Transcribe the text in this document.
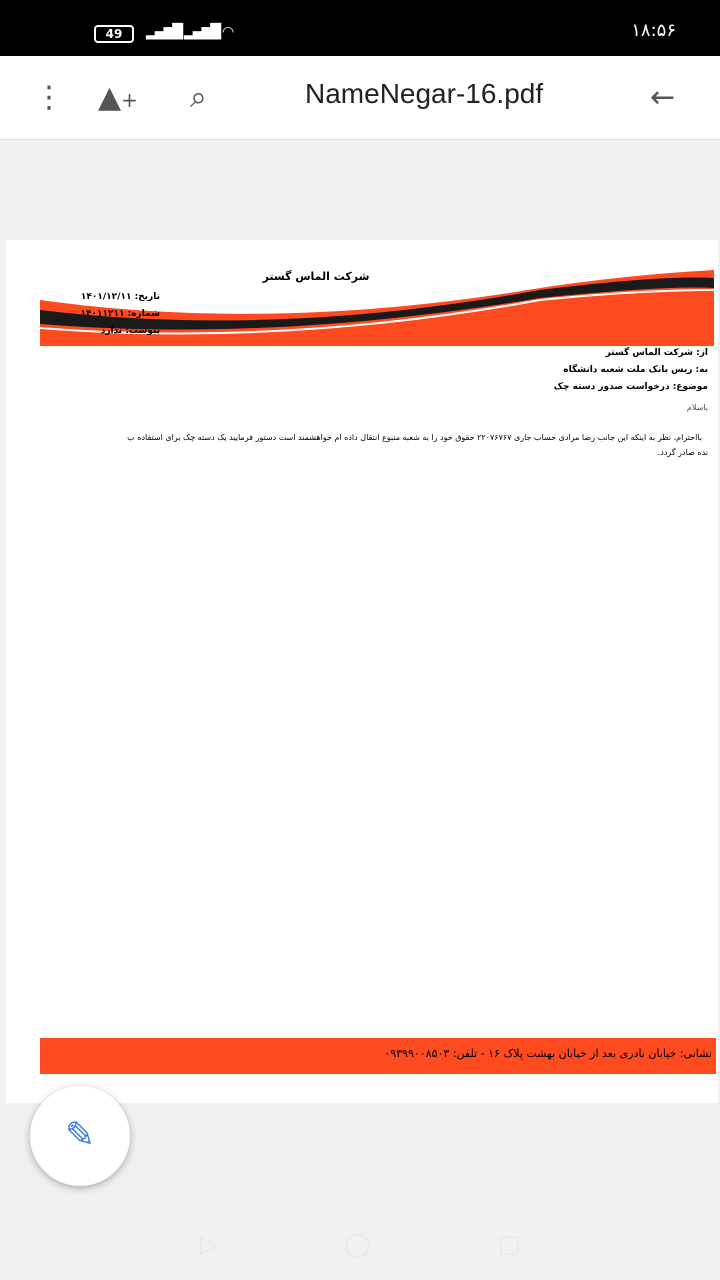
49	▂▄▆█ ▂▄▆█ ◠	۱۸:۵۶
⋮ ▲+ ⌕	NameNegar-16.pdf	←
شرکت الماس گستر
تاریخ: ۱۴۰۱/۱۲/۱۱
شماره: ۱۴۰۱۱۲۱۱
پیوست: ندارد
از: شرکت الماس گستر
به: ریس بانک ملت شعبه دانشگاه
موضوع: درخواست صدور دسته چک
باسلام
بااحترام، نظر به اینکه این جانب رضا مرادی حساب جاری ۲۲۰۷۶۷۶۷ حقوق خود را به شعبه متبوع انتقال داده ام خواهشمند است دستور فرمایید یک دسته چک برای استفاده ب
نده صادر گردد.
نشانی: خیابان نادری بعد از خیابان بهشت پلاک ۱۶ - تلفن: ۰۹۳۹۹۰۰۸۵۰۳
✎
▷	◯	□
